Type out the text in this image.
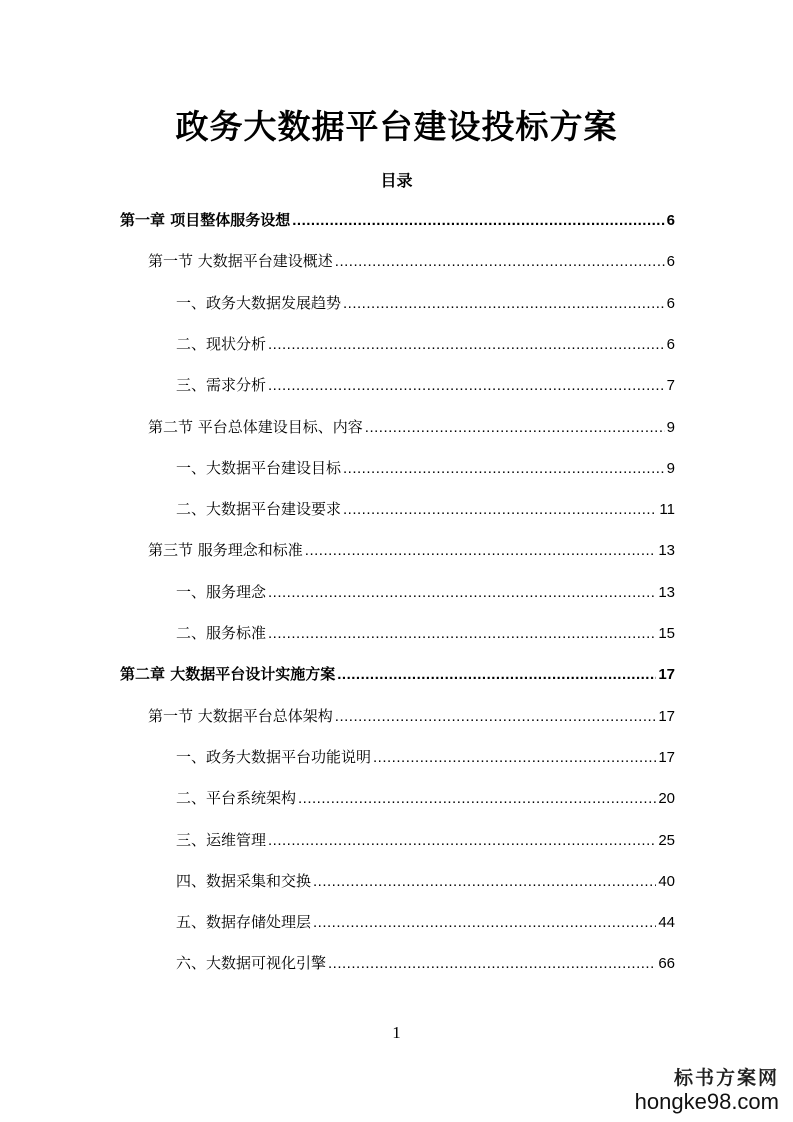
政务大数据平台建设投标方案
目录
第一章 项目整体服务设想 .....	6
第一节 大数据平台建设概述 .....	6
一、政务大数据发展趋势 .....	6
二、现状分析 .....	6
三、需求分析 .....	7
第二节 平台总体建设目标、内容 .....	9
一、大数据平台建设目标 .....	9
二、大数据平台建设要求 .....	11
第三节 服务理念和标准 .....	13
一、服务理念 .....	13
二、服务标准 .....	15
第二章 大数据平台设计实施方案 .....	17
第一节 大数据平台总体架构 .....	17
一、政务大数据平台功能说明 .....	17
二、平台系统架构 .....	20
三、运维管理 .....	25
四、数据采集和交换 .....	40
五、数据存储处理层 .....	44
六、大数据可视化引擎 .....	66
1
标书方案网
hongke98.com
